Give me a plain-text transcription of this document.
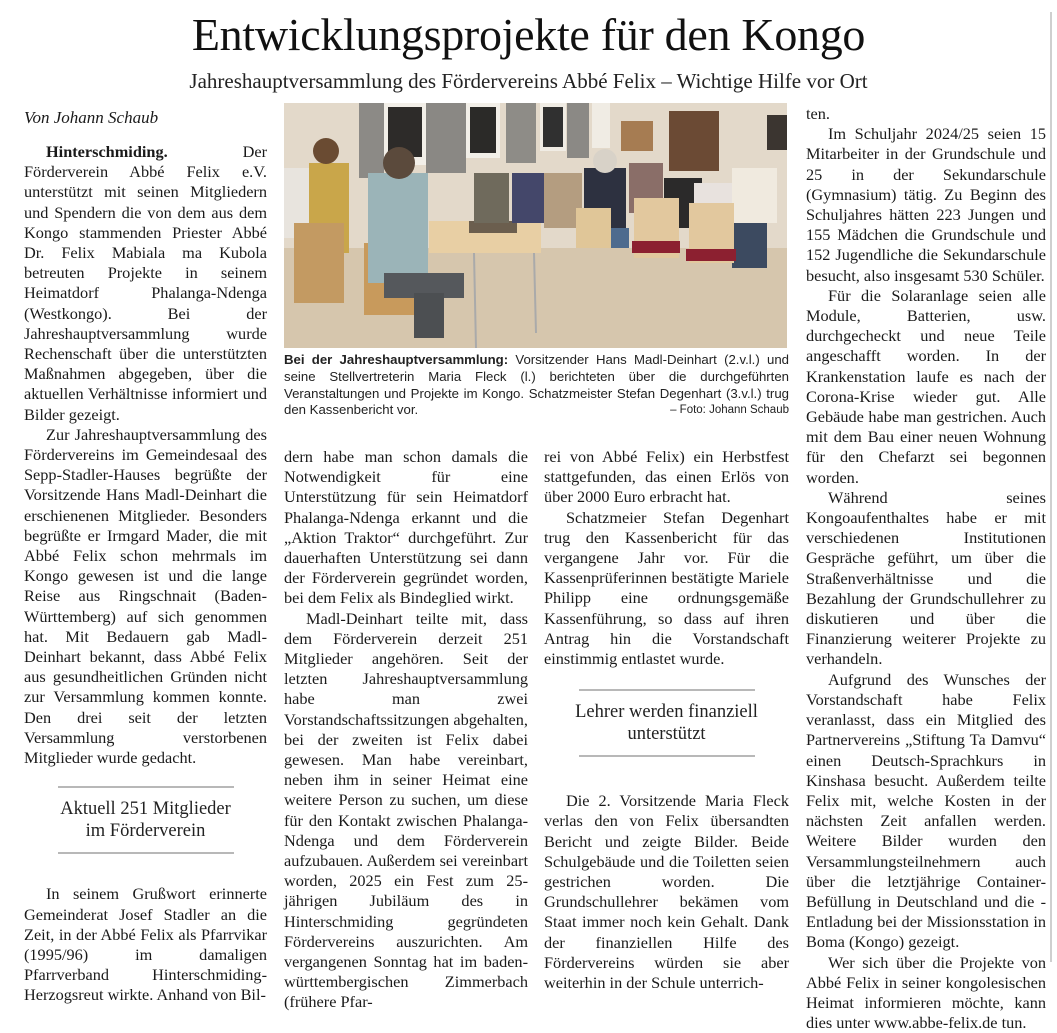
Entwicklungsprojekte für den Kongo
Jahreshauptversammlung des Fördervereins Abbé Felix – Wichtige Hilfe vor Ort

Von Johann Schaub

Hinterschmiding.	Der Förderverein Abbé Felix e.V. unterstützt mit seinen Mitgliedern und Spendern die von dem aus dem Kongo stammenden Priester Abbé Dr. Felix Mabiala ma Kubola betreuten Projekte in seinem Heimatdorf Phalanga-Ndenga (Westkongo). Bei der Jahreshauptversammlung wurde Rechenschaft über die unterstützten Maßnahmen abgegeben, über die aktuellen Verhältnisse informiert und Bilder gezeigt.

Zur Jahreshauptversammlung des Fördervereins im Gemeindesaal des Sepp-Stadler-Hauses begrüßte der Vorsitzende Hans Madl-Deinhart die erschienenen Mitglieder. Besonders begrüßte er Irmgard Mader, die mit Abbé Felix schon mehrmals im Kongo gewesen ist und die lange Reise aus Ringschnait (Baden-Württemberg) auf sich genommen hat. Mit Bedauern gab Madl-Deinhart bekannt, dass Abbé Felix aus gesundheitlichen Gründen nicht zur Versammlung kommen konnte. Den drei seit der letzten Versammlung verstorbenen Mitglieder wurde gedacht.

Aktuell 251 Mitglieder im Förderverein

In seinem Grußwort erinnerte Gemeinderat Josef Stadler an die Zeit, in der Abbé Felix als Pfarrvikar (1995/96) im damaligen Pfarrverband Hinterschmiding-Herzogsreut wirkte. Anhand von Bil-

Bei der Jahreshauptversammlung: Vorsitzender Hans Madl-Deinhart (2.v.l.) und seine Stellvertreterin Maria Fleck (l.) berichteten über die durchgeführten Veranstaltungen und Projekte im Kongo. Schatzmeister Stefan Degenhart (3.v.l.) trug den Kassenbericht vor.	– Foto: Johann Schaub

dern habe man schon damals die Notwendigkeit für eine Unterstützung für sein Heimatdorf Phalanga-Ndenga erkannt und die „Aktion Traktor“ durchgeführt. Zur dauerhaften Unterstützung sei dann der Förderverein gegründet worden, bei dem Felix als Bindeglied wirkt.

Madl-Deinhart teilte mit, dass dem Förderverein derzeit 251 Mitglieder angehören. Seit der letzten Jahreshauptversammlung habe man zwei Vorstandschaftssitzungen abgehalten, bei der zweiten ist Felix dabei gewesen. Man habe vereinbart, neben ihm in seiner Heimat eine weitere Person zu suchen, um diese für den Kontakt zwischen Phalanga-Ndenga und dem Förderverein aufzubauen. Außerdem sei vereinbart worden, 2025 ein Fest zum 25-jährigen Jubiläum des in Hinterschmiding gegründeten Fördervereins auszurichten. Am vergangenen Sonntag hat im baden-württembergischen Zimmerbach (frühere Pfar-

rei von Abbé Felix) ein Herbstfest stattgefunden, das einen Erlös von über 2000 Euro erbracht hat.

Schatzmeier Stefan Degenhart trug den Kassenbericht für das vergangene Jahr vor. Für die Kassenprüferinnen bestätigte Mariele Philipp eine ordnungsgemäße Kassenführung, so dass auf ihren Antrag hin die Vorstandschaft einstimmig entlastet wurde.

Lehrer werden finanziell unterstützt

Die 2. Vorsitzende Maria Fleck verlas den von Felix übersandten Bericht und zeigte Bilder. Beide Schulgebäude und die Toiletten seien gestrichen worden. Die Grundschullehrer bekämen vom Staat immer noch kein Gehalt. Dank der finanziellen Hilfe des Fördervereins würden sie aber weiterhin in der Schule unterrich-

ten.

Im Schuljahr 2024/25 seien 15 Mitarbeiter in der Grundschule und 25 in der Sekundarschule (Gymnasium) tätig. Zu Beginn des Schuljahres hätten 223 Jungen und 155 Mädchen die Grundschule und 152 Jugendliche die Sekundarschule besucht, also insgesamt 530 Schüler.

Für die Solaranlage seien alle Module, Batterien, usw. durchgecheckt und neue Teile angeschafft worden. In der Krankenstation laufe es nach der Corona-Krise wieder gut. Alle Gebäude habe man gestrichen. Auch mit dem Bau einer neuen Wohnung für den Chefarzt sei begonnen worden.

Während seines Kongoaufenthaltes habe er mit verschiedenen Institutionen Gespräche geführt, um über die Straßenverhältnisse und die Bezahlung der Grundschullehrer zu diskutieren und über die Finanzierung weiterer Projekte zu verhandeln.

Aufgrund des Wunsches der Vorstandschaft habe Felix veranlasst, dass ein Mitglied des Partnervereins „Stiftung Ta Damvu“ einen Deutsch-Sprachkurs in Kinshasa besucht. Außerdem teilte Felix mit, welche Kosten in der nächsten Zeit anfallen werden. Weitere Bilder wurden den Versammlungsteilnehmern auch über die letztjährige Container-Befüllung in Deutschland und die -Entladung bei der Missionsstation in Boma (Kongo) gezeigt.

Wer sich über die Projekte von Abbé Felix in seiner kongolesischen Heimat informieren möchte, kann dies unter www.abbe-felix.de tun.
